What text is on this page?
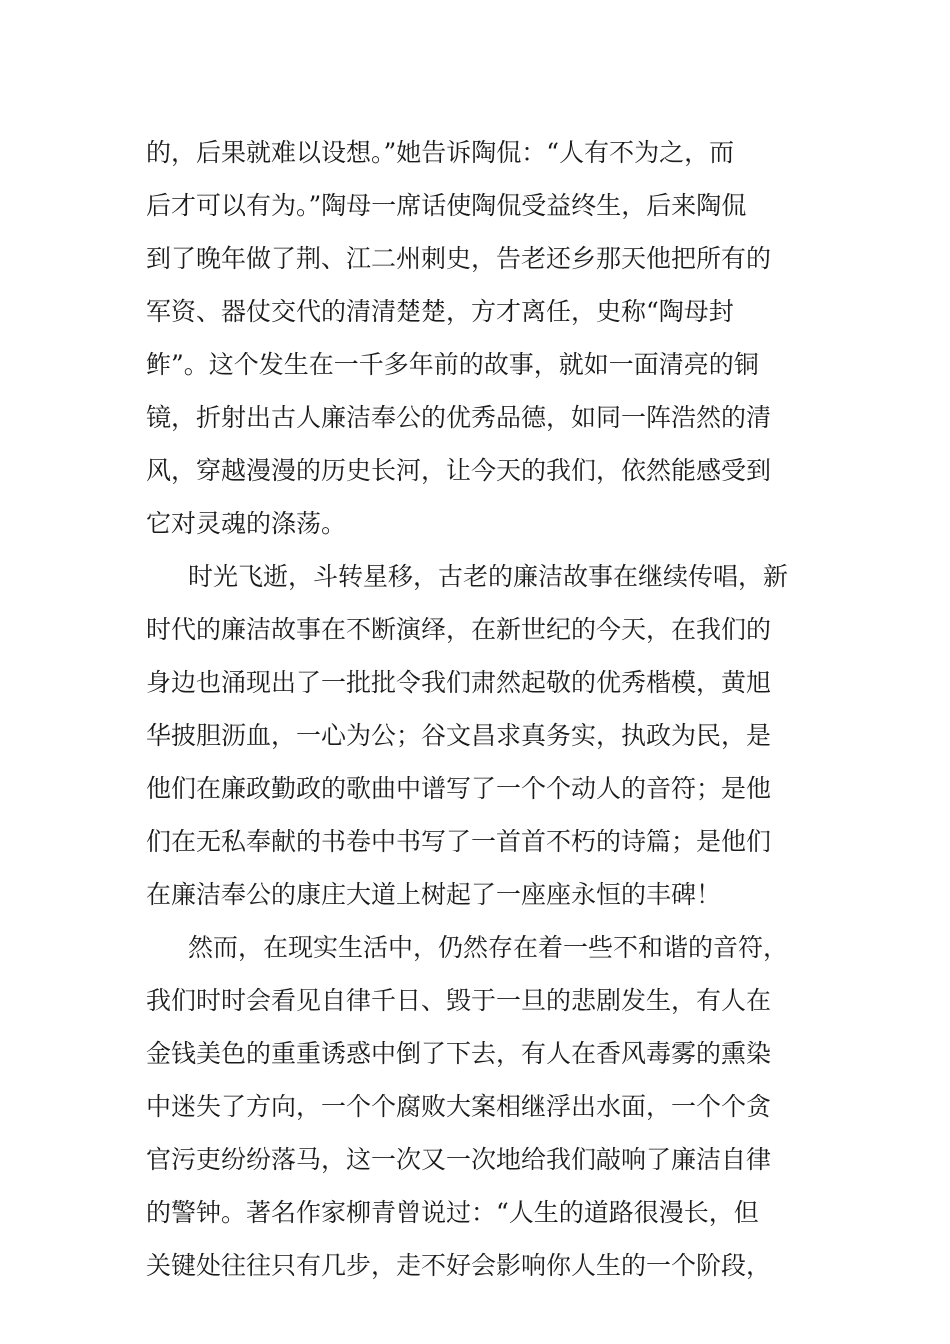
的，后果就难以设想。”她告诉陶侃：“人有不为之，而
后才可以有为。”陶母一席话使陶侃受益终生，后来陶侃
到了晚年做了荆、江二州刺史，告老还乡那天他把所有的
军资、器仗交代的清清楚楚，方才离任，史称“陶母封
鲊”。这个发生在一千多年前的故事，就如一面清亮的铜
镜，折射出古人廉洁奉公的优秀品德，如同一阵浩然的清
风，穿越漫漫的历史长河，让今天的我们，依然能感受到
它对灵魂的涤荡。
时光飞逝，斗转星移，古老的廉洁故事在继续传唱，新
时代的廉洁故事在不断演绎，在新世纪的今天，在我们的
身边也涌现出了一批批令我们肃然起敬的优秀楷模，黄旭
华披胆沥血，一心为公；谷文昌求真务实，执政为民，是
他们在廉政勤政的歌曲中谱写了一个个动人的音符；是他
们在无私奉献的书卷中书写了一首首不朽的诗篇；是他们
在廉洁奉公的康庄大道上树起了一座座永恒的丰碑！
然而，在现实生活中，仍然存在着一些不和谐的音符，
我们时时会看见自律千日、毁于一旦的悲剧发生，有人在
金钱美色的重重诱惑中倒了下去，有人在香风毒雾的熏染
中迷失了方向，一个个腐败大案相继浮出水面，一个个贪
官污吏纷纷落马，这一次又一次地给我们敲响了廉洁自律
的警钟。著名作家柳青曾说过：“人生的道路很漫长，但
关键处往往只有几步，走不好会影响你人生的一个阶段，
